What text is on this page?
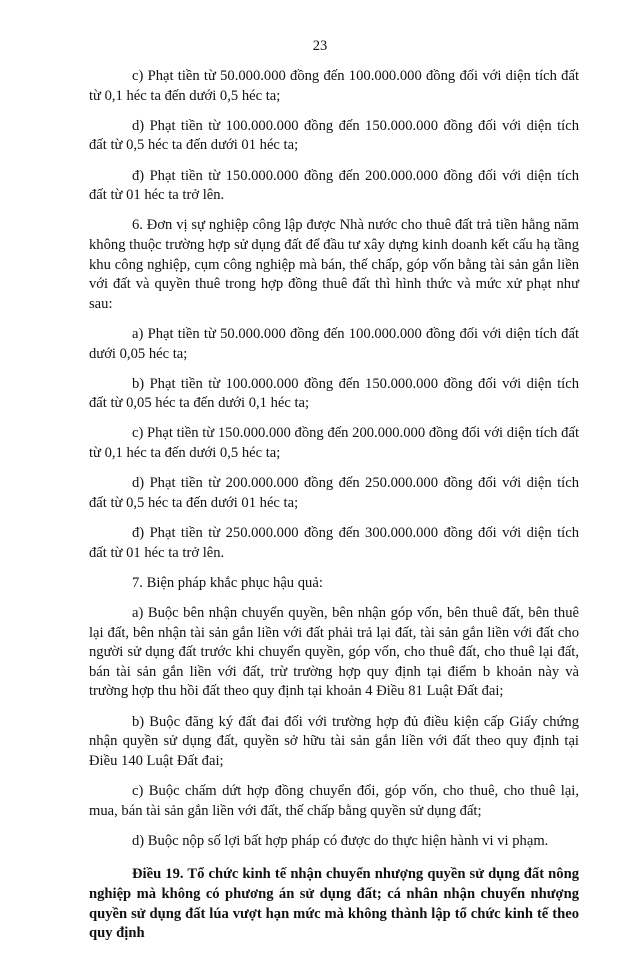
23

c) Phạt tiền từ 50.000.000 đồng đến 100.000.000 đồng đối với diện tích đất từ 0,1 héc ta đến dưới 0,5 héc ta;

d) Phạt tiền từ 100.000.000 đồng đến 150.000.000 đồng đối với diện tích đất từ 0,5 héc ta đến dưới 01 héc ta;

đ) Phạt tiền từ 150.000.000 đồng đến 200.000.000 đồng đối với diện tích đất từ 01 héc ta trở lên.

6. Đơn vị sự nghiệp công lập được Nhà nước cho thuê đất trả tiền hằng năm không thuộc trường hợp sử dụng đất để đầu tư xây dựng kinh doanh kết cấu hạ tầng khu công nghiệp, cụm công nghiệp mà bán, thế chấp, góp vốn bằng tài sản gắn liền với đất và quyền thuê trong hợp đồng thuê đất thì hình thức và mức xử phạt như sau:

a) Phạt tiền từ 50.000.000 đồng đến 100.000.000 đồng đối với diện tích đất dưới 0,05 héc ta;

b) Phạt tiền từ 100.000.000 đồng đến 150.000.000 đồng đối với diện tích đất từ 0,05 héc ta đến dưới 0,1 héc ta;

c) Phạt tiền từ 150.000.000 đồng đến 200.000.000 đồng đối với diện tích đất từ 0,1 héc ta đến dưới 0,5 héc ta;

d) Phạt tiền từ 200.000.000 đồng đến 250.000.000 đồng đối với diện tích đất từ 0,5 héc ta đến dưới 01 héc ta;

đ) Phạt tiền từ 250.000.000 đồng đến 300.000.000 đồng đối với diện tích đất từ 01 héc ta trở lên.

7. Biện pháp khắc phục hậu quả:

a) Buộc bên nhận chuyển quyền, bên nhận góp vốn, bên thuê đất, bên thuê lại đất, bên nhận tài sản gắn liền với đất phải trả lại đất, tài sản gắn liền với đất cho người sử dụng đất trước khi chuyển quyền, góp vốn, cho thuê đất, cho thuê lại đất, bán tài sản gắn liền với đất, trừ trường hợp quy định tại điểm b khoản này và trường hợp thu hồi đất theo quy định tại khoản 4 Điều 81 Luật Đất đai;

b) Buộc đăng ký đất đai đối với trường hợp đủ điều kiện cấp Giấy chứng nhận quyền sử dụng đất, quyền sở hữu tài sản gắn liền với đất theo quy định tại Điều 140 Luật Đất đai;

c) Buộc chấm dứt hợp đồng chuyển đổi, góp vốn, cho thuê, cho thuê lại, mua, bán tài sản gắn liền với đất, thế chấp bằng quyền sử dụng đất;

d) Buộc nộp số lợi bất hợp pháp có được do thực hiện hành vi vi phạm.

Điều 19. Tổ chức kinh tế nhận chuyển nhượng quyền sử dụng đất nông nghiệp mà không có phương án sử dụng đất; cá nhân nhận chuyển nhượng quyền sử dụng đất lúa vượt hạn mức mà không thành lập tổ chức kinh tế theo quy định
